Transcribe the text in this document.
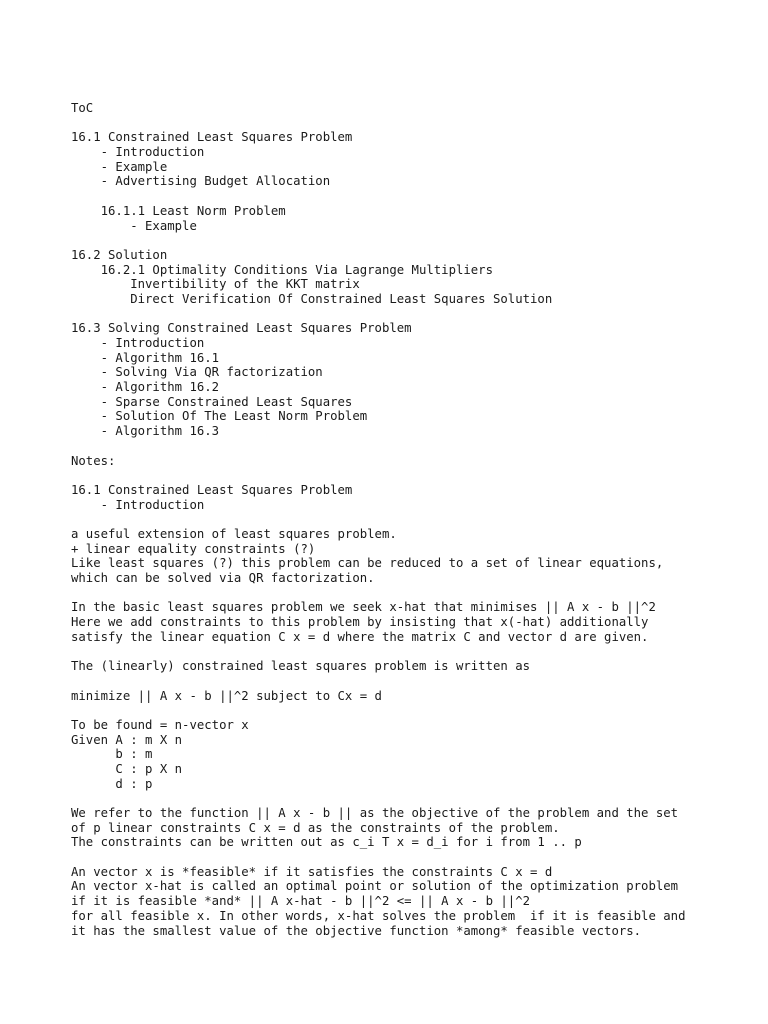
ToC
16.1 Constrained Least Squares Problem
- Introduction
- Example
- Advertising Budget Allocation
16.1.1 Least Norm Problem
- Example
16.2 Solution
16.2.1 Optimality Conditions Via Lagrange Multipliers
Invertibility of the KKT matrix
Direct Verification Of Constrained Least Squares Solution
16.3 Solving Constrained Least Squares Problem
- Introduction
- Algorithm 16.1
- Solving Via QR factorization
- Algorithm 16.2
- Sparse Constrained Least Squares
- Solution Of The Least Norm Problem
- Algorithm 16.3
Notes:
16.1 Constrained Least Squares Problem
- Introduction
a useful extension of least squares problem.
+ linear equality constraints (?)
Like least squares (?) this problem can be reduced to a set of linear equations,
which can be solved via QR factorization.
In the basic least squares problem we seek x-hat that minimises || A x - b ||^2
Here we add constraints to this problem by insisting that x(-hat) additionally
satisfy the linear equation C x = d where the matrix C and vector d are given.
The (linearly) constrained least squares problem is written as
minimize || A x - b ||^2 subject to Cx = d
To be found = n-vector x
Given A : m X n
b : m
C : p X n
d : p
We refer to the function || A x - b || as the objective of the problem and the set
of p linear constraints C x = d as the constraints of the problem.
The constraints can be written out as c_i T x = d_i for i from 1 .. p
An vector x is *feasible* if it satisfies the constraints C x = d
An vector x-hat is called an optimal point or solution of the optimization problem
if it is feasible *and* || A x-hat - b ||^2 <= || A x - b ||^2
for all feasible x. In other words, x-hat solves the problem  if it is feasible and
it has the smallest value of the objective function *among* feasible vectors.
